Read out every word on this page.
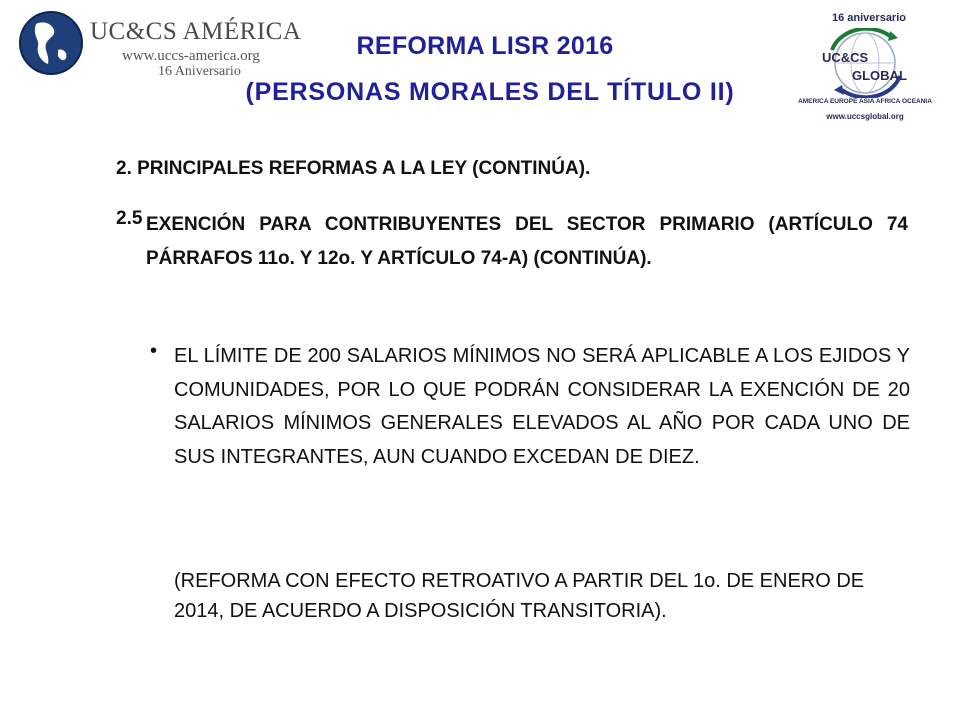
UC&CS AMÉRICA
www.uccs-america.org
16 Aniversario
16 aniversario
UC&CS
GLOBAL
AMERICA EUROPE ASIA AFRICA OCEANIA
www.uccsglobal.org
REFORMA LISR 2016
(PERSONAS MORALES DEL TÍTULO II)
2. PRINCIPALES REFORMAS A LA LEY (CONTINÚA).
2.5 EXENCIÓN PARA CONTRIBUYENTES DEL SECTOR PRIMARIO (ARTÍCULO 74 PÁRRAFOS 11o. Y 12o. Y ARTÍCULO 74-A) (CONTINÚA).
• EL LÍMITE DE 200 SALARIOS MÍNIMOS NO SERÁ APLICABLE A LOS EJIDOS Y COMUNIDADES, POR LO QUE PODRÁN CONSIDERAR LA EXENCIÓN DE 20 SALARIOS MÍNIMOS GENERALES ELEVADOS AL AÑO POR CADA UNO DE SUS INTEGRANTES, AUN CUANDO EXCEDAN DE DIEZ.
(REFORMA CON EFECTO RETROATIVO A PARTIR DEL 1o. DE ENERO DE 2014, DE ACUERDO A DISPOSICIÓN TRANSITORIA).
